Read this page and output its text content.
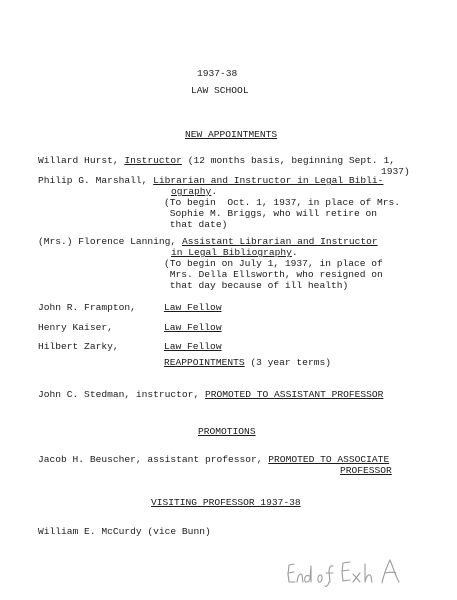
1937-38
LAW SCHOOL
NEW APPOINTMENTS
Willard Hurst, Instructor (12 months basis, beginning Sept. 1,
1937)
Philip G. Marshall, Librarian and Instructor in Legal Bibli-
ography.
(To begin  Oct. 1, 1937, in place of Mrs.
Sophie M. Briggs, who will retire on
that date)
(Mrs.) Florence Lanning, Assistant Librarian and Instructor
in Legal Bibliography.
(To begin on July 1, 1937, in place of
Mrs. Della Ellsworth, who resigned on
that day because of ill health)
John R. Frampton, Law Fellow
Henry Kaiser,	Law Fellow
Hilbert Zarky,	Law Fellow
REAPPOINTMENTS (3 year terms)
John C. Stedman, instructor, PROMOTED TO ASSISTANT PROFESSOR
PROMOTIONS
Jacob H. Beuscher, assistant professor, PROMOTED TO ASSOCIATE
PROFESSOR
VISITING PROFESSOR 1937-38
William E. McCurdy (vice Bunn)
